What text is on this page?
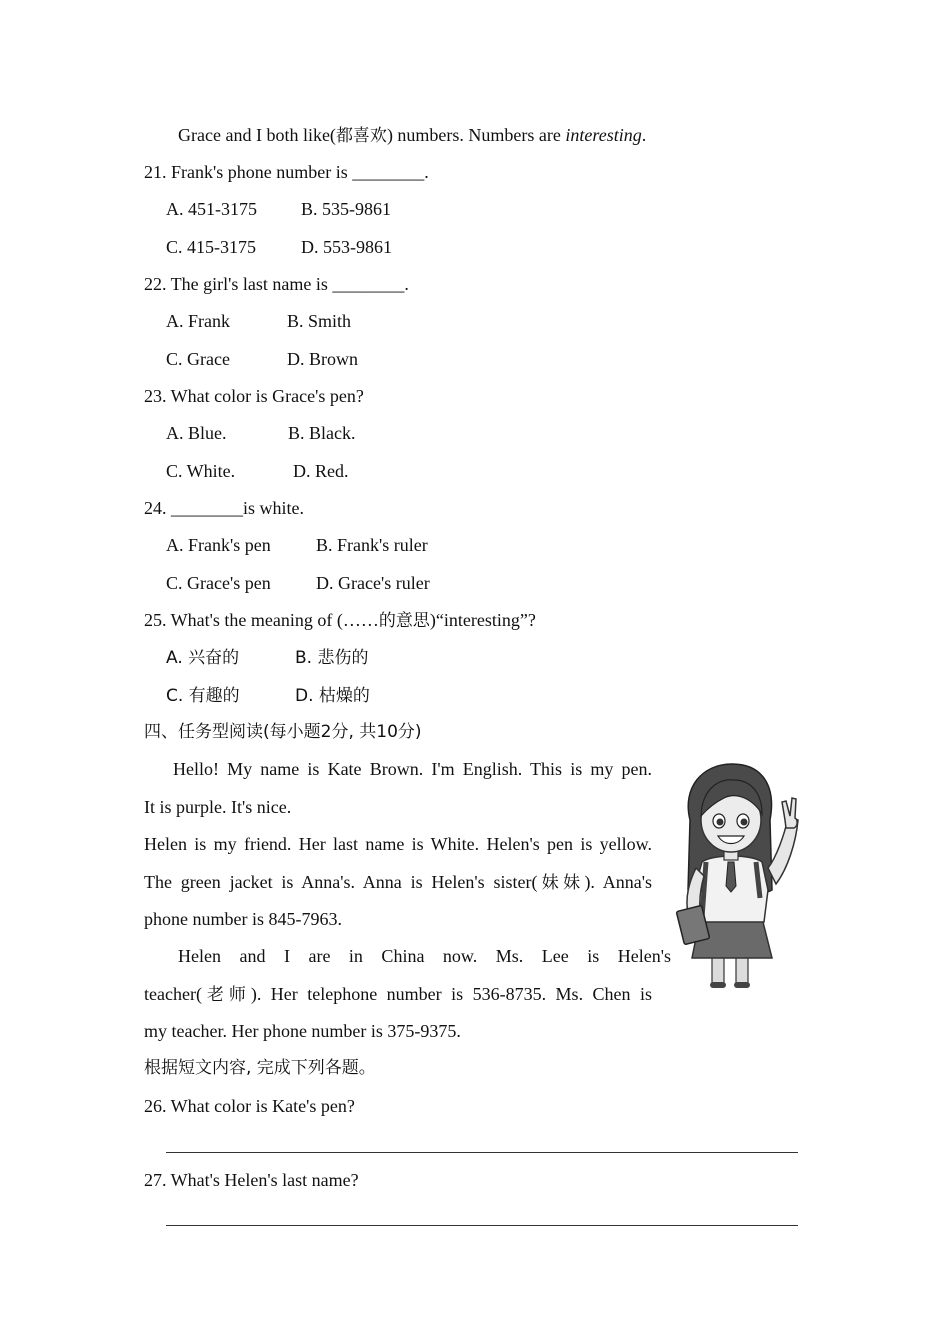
Grace and I both like(都喜欢) numbers. Numbers are interesting.
21. Frank's phone number is ________.
A. 451-3175 B. 535-9861
C. 415-3175	D. 553-9861
22. The girl's last name is ________.
A. Frank	B. Smith
C. Grace	D. Brown
23. What color is Grace's pen?
A. Blue.	B. Black.
C. White.	D. Red.
24. ________is white.
A. Frank's pen	B. Frank's ruler
C. Grace's pen	D. Grace's ruler
25. What's the meaning of (……的意思)“interesting”?
A. 兴奋的	B. 悲伤的
C. 有趣的	D. 枯燥的
四、任务型阅读(每小题2分, 共10分)
Hello! My name is Kate Brown. I'm English. This is my pen.
It is purple. It's nice.
Helen is my friend. Her last name is White. Helen's pen is yellow.
The green jacket is Anna's. Anna is Helen's sister(妹妹). Anna's
phone number is 845-7963.
Helen and I are in China now. Ms. Lee is Helen's
teacher(老师). Her telephone number is 536-8735. Ms. Chen is
my teacher. Her phone number is 375-9375.
根据短文内容, 完成下列各题。
26. What color is Kate's pen?
27. What's Helen's last name?
